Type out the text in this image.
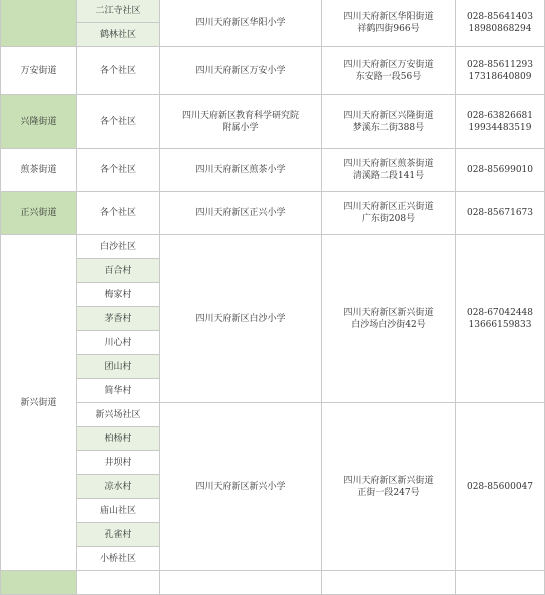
	二江寺社区	四川天府新区华阳小学	四川天府新区华阳街道
祥鹤四街966号	028-85641403
18980868294

	鹤林社区			

万安街道	各个社区	四川天府新区万安小学	四川天府新区万安街道
东安路一段56号	028-85611293
17318640809

兴隆街道	各个社区	四川天府新区教育科学研究院
附属小学	四川天府新区兴隆街道
梦溪东二街388号	028-63826681
19934483519

煎茶街道	各个社区	四川天府新区煎茶小学	四川天府新区煎茶街道
清溪路二段141号	028-85699010

正兴街道	各个社区	四川天府新区正兴小学	四川天府新区正兴街道
广东街208号	028-85671673

新兴街道	白沙社区	四川天府新区白沙小学	四川天府新区新兴街道
白沙场白沙街42号	028-67042448
13666159833

	百合村			

	梅家村			

	茅香村			

	川心村			

	团山村			

	简华村			

	新兴场社区	四川天府新区新兴小学	四川天府新区新兴街道
正街一段247号	028-85600047

	柏杨村			

	井坝村			

	凉水村			

	庙山社区			

	孔雀村			

	小桥社区			
